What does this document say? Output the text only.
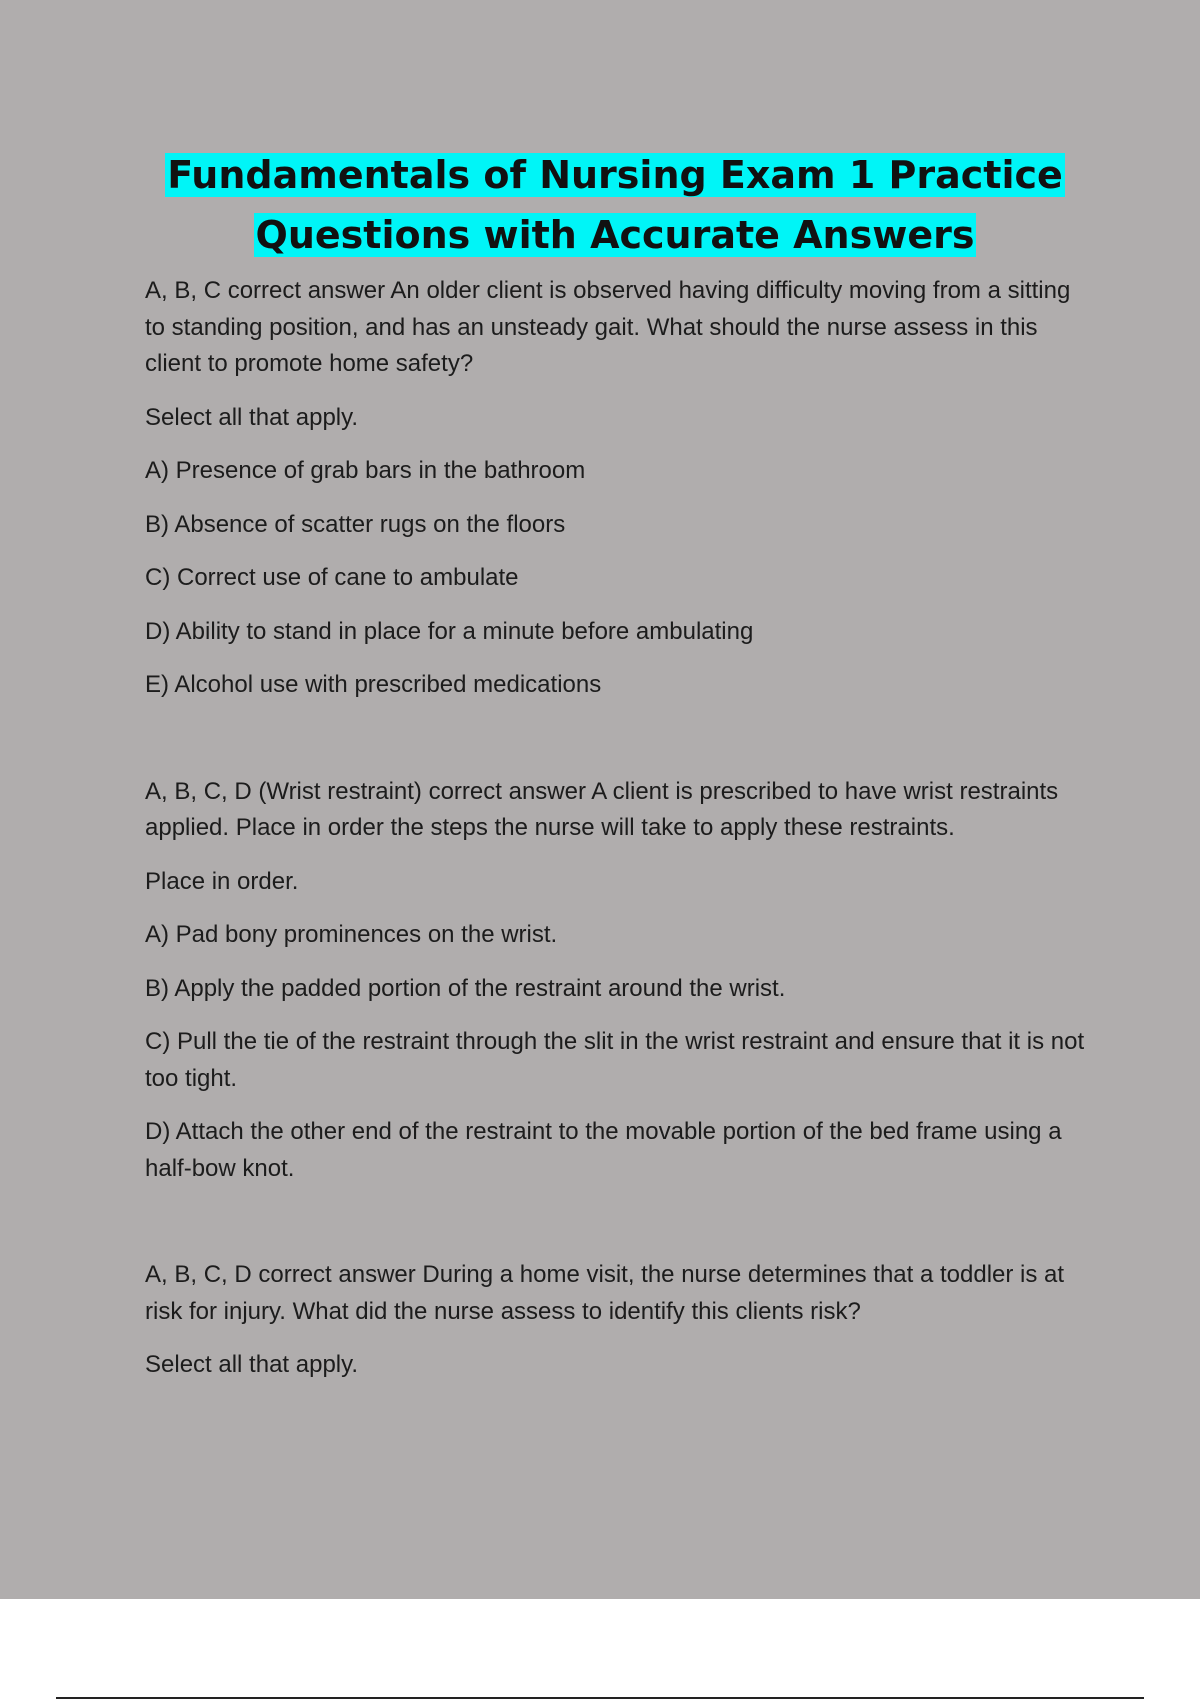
Fundamentals of Nursing Exam 1 Practice
Questions with Accurate Answers

A, B, C correct answer An older client is observed having difficulty moving from a sitting to standing position, and has an unsteady gait. What should the nurse assess in this client to promote home safety?

Select all that apply.

A) Presence of grab bars in the bathroom

B) Absence of scatter rugs on the floors

C) Correct use of cane to ambulate

D) Ability to stand in place for a minute before ambulating

E) Alcohol use with prescribed medications

A, B, C, D (Wrist restraint) correct answer A client is prescribed to have wrist restraints applied. Place in order the steps the nurse will take to apply these restraints.

Place in order.

A) Pad bony prominences on the wrist.

B) Apply the padded portion of the restraint around the wrist.

C) Pull the tie of the restraint through the slit in the wrist restraint and ensure that it is not too tight.

D) Attach the other end of the restraint to the movable portion of the bed frame using a half-bow knot.

A, B, C, D correct answer During a home visit, the nurse determines that a toddler is at risk for injury. What did the nurse assess to identify this clients risk?

Select all that apply.
